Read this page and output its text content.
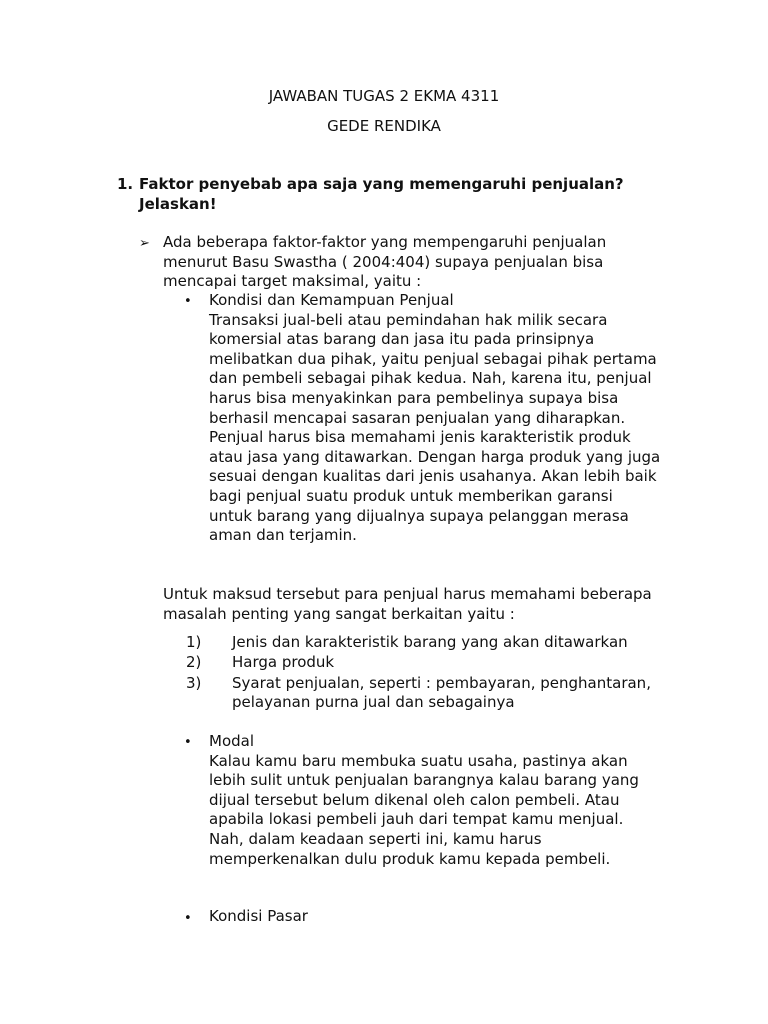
JAWABAN TUGAS 2 EKMA 4311
GEDE RENDIKA
1. Faktor penyebab apa saja yang memengaruhi penjualan?
Jelaskan!
➢ Ada beberapa faktor-faktor yang mempengaruhi penjualan
menurut Basu Swastha ( 2004:404) supaya penjualan bisa
mencapai target maksimal, yaitu :
• Kondisi dan Kemampuan Penjual
Transaksi jual-beli atau pemindahan hak milik secara
komersial atas barang dan jasa itu pada prinsipnya
melibatkan dua pihak, yaitu penjual sebagai pihak pertama
dan pembeli sebagai pihak kedua. Nah, karena itu, penjual
harus bisa menyakinkan para pembelinya supaya bisa
berhasil mencapai sasaran penjualan yang diharapkan.
Penjual harus bisa memahami jenis karakteristik produk
atau jasa yang ditawarkan. Dengan harga produk yang juga
sesuai dengan kualitas dari jenis usahanya. Akan lebih baik
bagi penjual suatu produk untuk memberikan garansi
untuk barang yang dijualnya supaya pelanggan merasa
aman dan terjamin.
Untuk maksud tersebut para penjual harus memahami beberapa
masalah penting yang sangat berkaitan yaitu :
1) Jenis dan karakteristik barang yang akan ditawarkan
2) Harga produk
3) Syarat penjualan, seperti : pembayaran, penghantaran,
pelayanan purna jual dan sebagainya
• Modal
Kalau kamu baru membuka suatu usaha, pastinya akan
lebih sulit untuk penjualan barangnya kalau barang yang
dijual tersebut belum dikenal oleh calon pembeli. Atau
apabila lokasi pembeli jauh dari tempat kamu menjual.
Nah, dalam keadaan seperti ini, kamu harus
memperkenalkan dulu produk kamu kepada pembeli.
• Kondisi Pasar
